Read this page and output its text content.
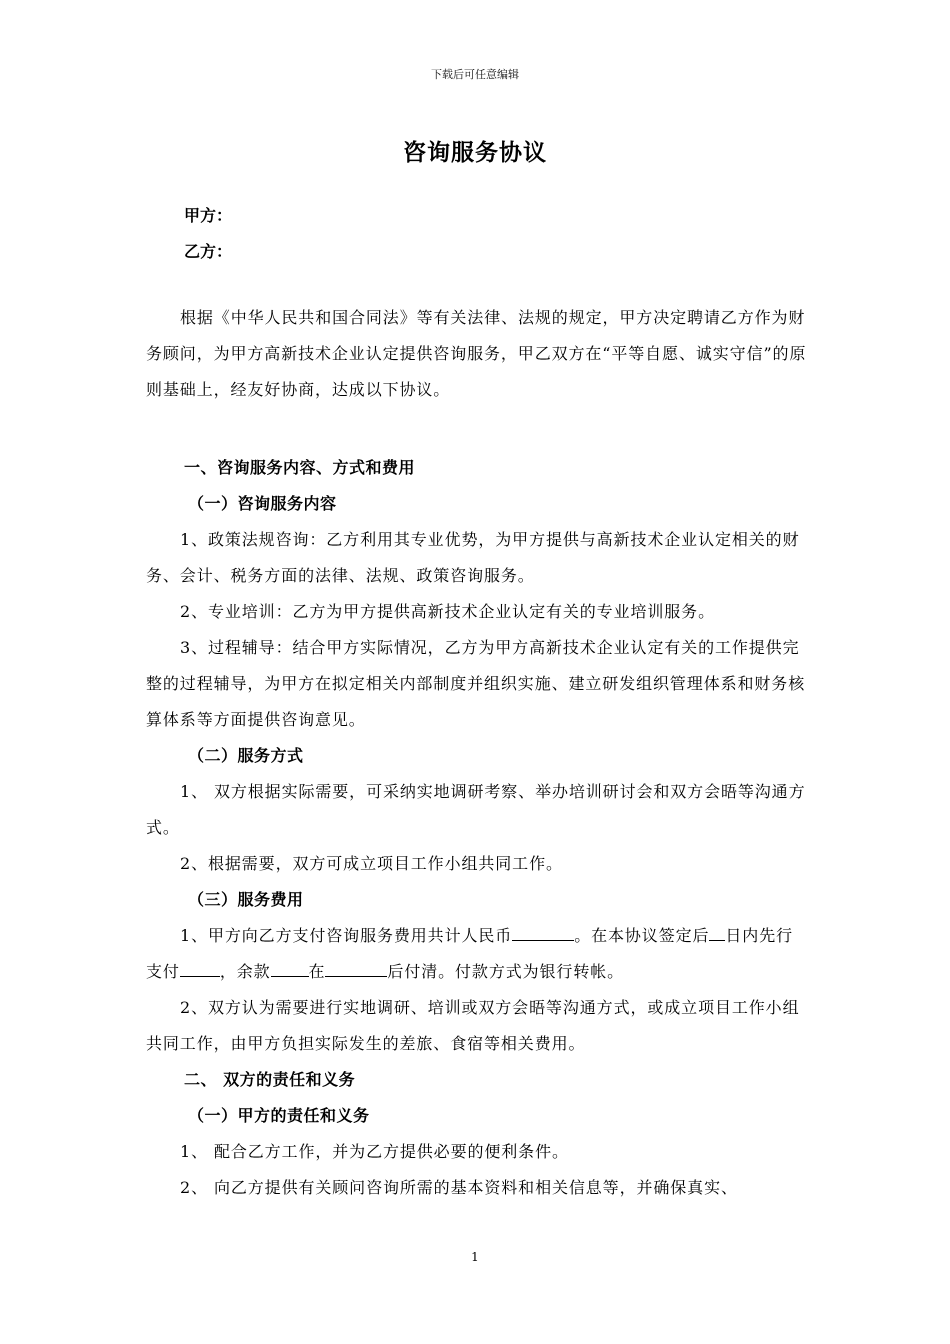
下载后可任意编辑
咨询服务协议
甲方：
乙方：

根据《中华人民共和国合同法》等有关法律、法规的规定，甲方决定聘请乙方作为财务顾问，为甲方高新技术企业认定提供咨询服务，甲乙双方在“平等自愿、诚实守信”的原则基础上，经友好协商，达成以下协议。

一、咨询服务内容、方式和费用

（一）咨询服务内容

1、政策法规咨询：乙方利用其专业优势，为甲方提供与高新技术企业认定相关的财务、会计、税务方面的法律、法规、政策咨询服务。

2、专业培训：乙方为甲方提供高新技术企业认定有关的专业培训服务。

3、过程辅导：结合甲方实际情况，乙方为甲方高新技术企业认定有关的工作提供完整的过程辅导，为甲方在拟定相关内部制度并组织实施、建立研发组织管理体系和财务核算体系等方面提供咨询意见。

（二）服务方式

1、 双方根据实际需要，可采纳实地调研考察、举办培训研讨会和双方会晤等沟通方式。

2、根据需要，双方可成立项目工作小组共同工作。

（三）服务费用

1、甲方向乙方支付咨询服务费用共计人民币	。在本协议签定后 日内先行支付	，余款 在	后付清。付款方式为银行转帐。

2、双方认为需要进行实地调研、培训或双方会晤等沟通方式，或成立项目工作小组共同工作，由甲方负担实际发生的差旅、食宿等相关费用。

二、 双方的责任和义务

（一）甲方的责任和义务

1、 配合乙方工作，并为乙方提供必要的便利条件。

2、 向乙方提供有关顾问咨询所需的基本资料和相关信息等，并确保真实、

1
